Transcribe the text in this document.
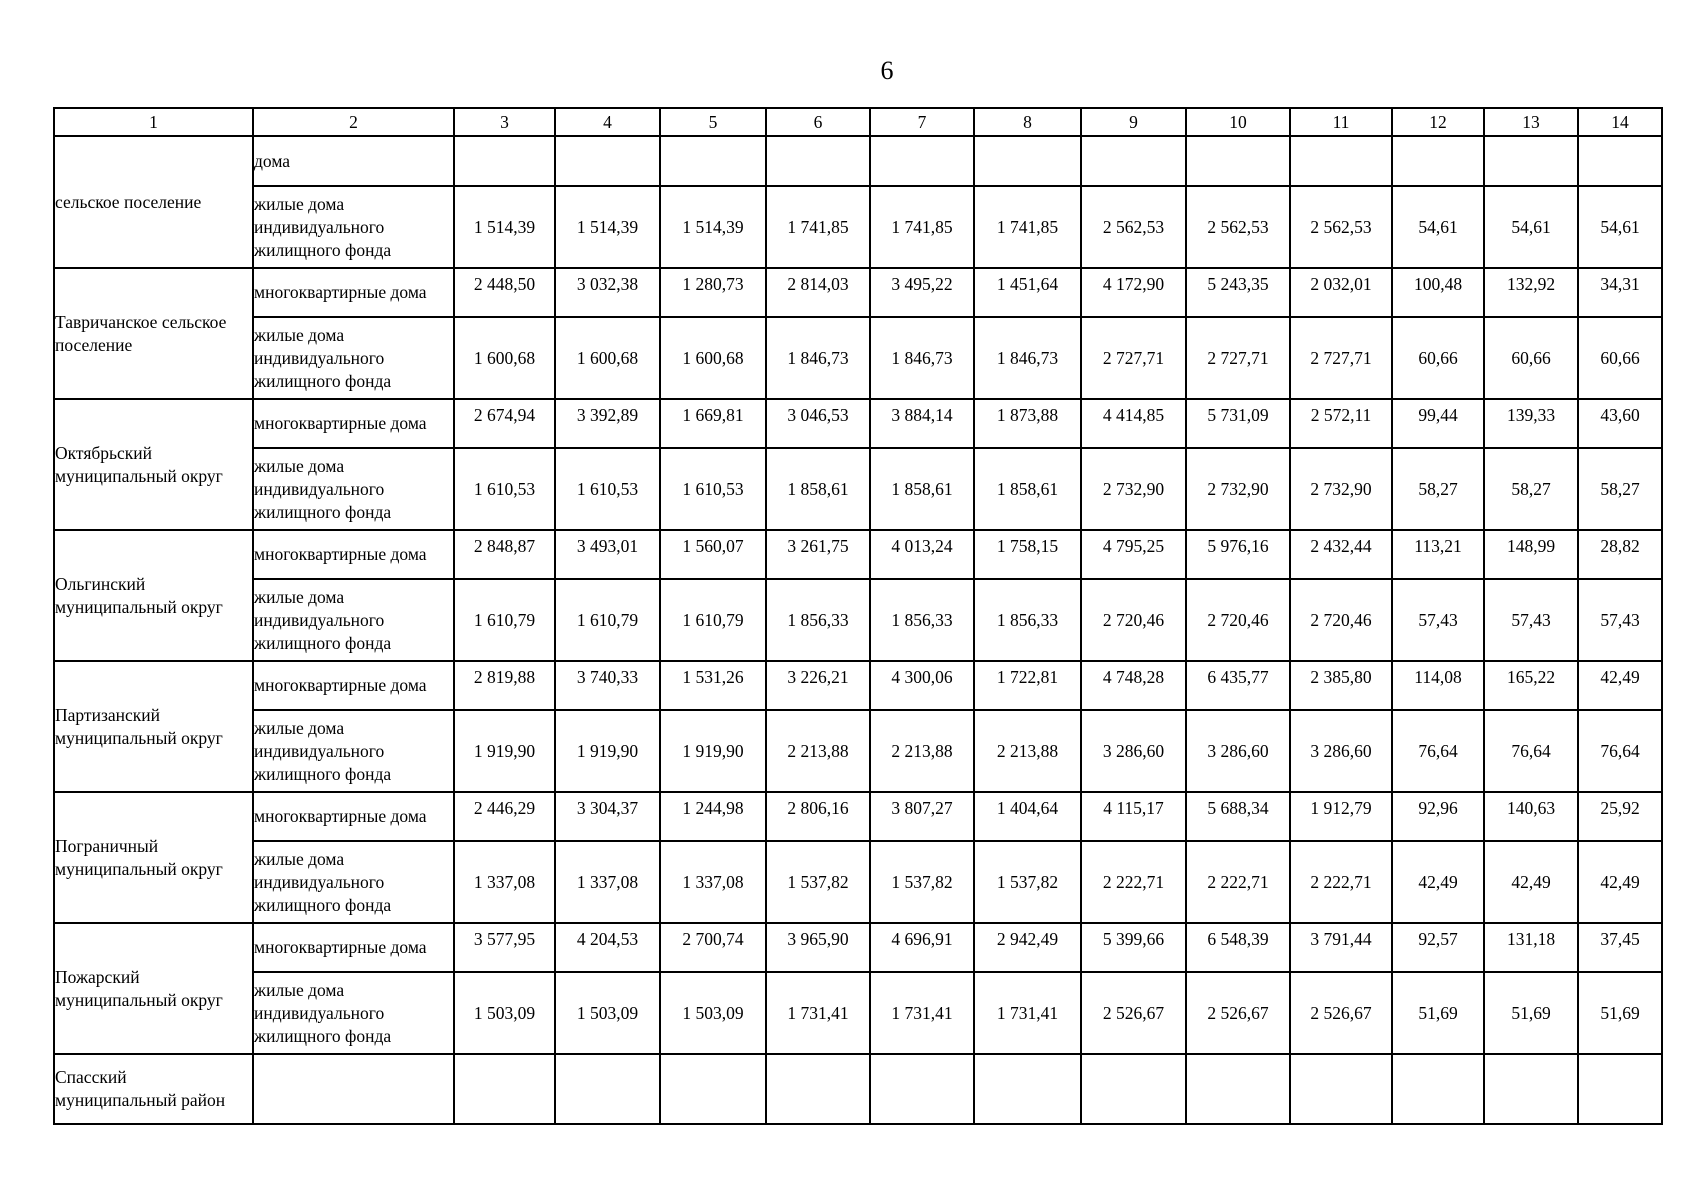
6
1	2	3	4	5	6	7	8	9	10	11	12	13	14
сельское поселение	дома												
	жилые дома индивидуального жилищного фонда	1 514,39	1 514,39	1 514,39	1 741,85	1 741,85	1 741,85	2 562,53	2 562,53	2 562,53	54,61	54,61	54,61
Тавричанское сельское поселение	многоквартирные дома	2 448,50	3 032,38	1 280,73	2 814,03	3 495,22	1 451,64	4 172,90	5 243,35	2 032,01	100,48	132,92	34,31
	жилые дома индивидуального жилищного фонда	1 600,68	1 600,68	1 600,68	1 846,73	1 846,73	1 846,73	2 727,71	2 727,71	2 727,71	60,66	60,66	60,66
Октябрьский муниципальный округ	многоквартирные дома	2 674,94	3 392,89	1 669,81	3 046,53	3 884,14	1 873,88	4 414,85	5 731,09	2 572,11	99,44	139,33	43,60
	жилые дома индивидуального жилищного фонда	1 610,53	1 610,53	1 610,53	1 858,61	1 858,61	1 858,61	2 732,90	2 732,90	2 732,90	58,27	58,27	58,27
Ольгинский муниципальный округ	многоквартирные дома	2 848,87	3 493,01	1 560,07	3 261,75	4 013,24	1 758,15	4 795,25	5 976,16	2 432,44	113,21	148,99	28,82
	жилые дома индивидуального жилищного фонда	1 610,79	1 610,79	1 610,79	1 856,33	1 856,33	1 856,33	2 720,46	2 720,46	2 720,46	57,43	57,43	57,43
Партизанский муниципальный округ	многоквартирные дома	2 819,88	3 740,33	1 531,26	3 226,21	4 300,06	1 722,81	4 748,28	6 435,77	2 385,80	114,08	165,22	42,49
	жилые дома индивидуального жилищного фонда	1 919,90	1 919,90	1 919,90	2 213,88	2 213,88	2 213,88	3 286,60	3 286,60	3 286,60	76,64	76,64	76,64
Пограничный муниципальный округ	многоквартирные дома	2 446,29	3 304,37	1 244,98	2 806,16	3 807,27	1 404,64	4 115,17	5 688,34	1 912,79	92,96	140,63	25,92
	жилые дома индивидуального жилищного фонда	1 337,08	1 337,08	1 337,08	1 537,82	1 537,82	1 537,82	2 222,71	2 222,71	2 222,71	42,49	42,49	42,49
Пожарский муниципальный округ	многоквартирные дома	3 577,95	4 204,53	2 700,74	3 965,90	4 696,91	2 942,49	5 399,66	6 548,39	3 791,44	92,57	131,18	37,45
	жилые дома индивидуального жилищного фонда	1 503,09	1 503,09	1 503,09	1 731,41	1 731,41	1 731,41	2 526,67	2 526,67	2 526,67	51,69	51,69	51,69
Спасский муниципальный район													
